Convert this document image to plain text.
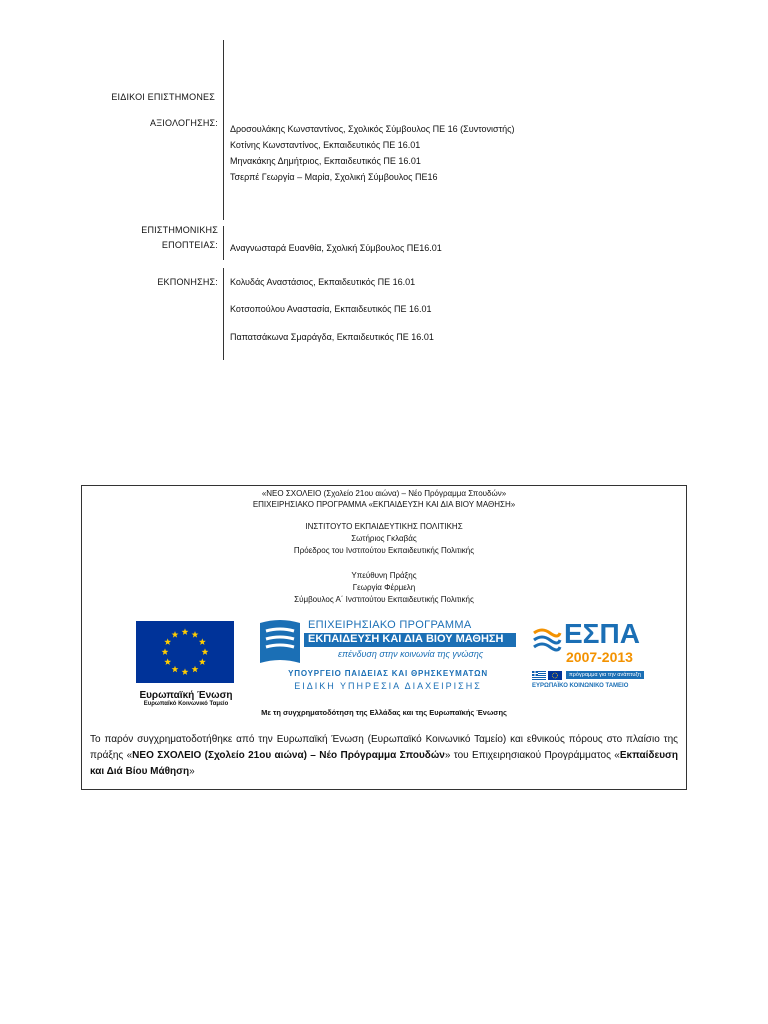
ΕΙΔΙΚΟΙ ΕΠΙΣΤΗΜΟΝΕΣ
ΑΞΙΟΛΟΓΗΣΗΣ:
Δροσουλάκης Κωνσταντίνος, Σχολικός Σύμβουλος ΠΕ 16 (Συντονιστής)
Κοτίνης Κωνσταντίνος, Εκπαιδευτικός ΠΕ 16.01
Μηνακάκης Δημήτριος, Εκπαιδευτικός ΠΕ 16.01
Τσερπέ Γεωργία – Μαρία, Σχολική Σύμβουλος ΠΕ16
ΕΠΙΣΤΗΜΟΝΙΚΗΣ
ΕΠΟΠΤΕΙΑΣ: Αναγνωσταρά Ευανθία, Σχολική Σύμβουλος ΠΕ16.01
ΕΚΠΟΝΗΣΗΣ: Κολυδάς Αναστάσιος, Εκπαιδευτικός ΠΕ 16.01
Κοτσοπούλου Αναστασία, Εκπαιδευτικός ΠΕ 16.01
Παπατσάκωνα Σμαράγδα, Εκπαιδευτικός ΠΕ 16.01
«ΝΕΟ ΣΧΟΛΕΙΟ (Σχολείο 21ου αιώνα) – Νέο Πρόγραμμα Σπουδών»
ΕΠΙΧΕΙΡΗΣΙΑΚΟ ΠΡΟΓΡΑΜΜΑ «ΕΚΠΑΙΔΕΥΣΗ ΚΑΙ ΔΙΑ ΒΙΟΥ ΜΑΘΗΣΗ»
ΙΝΣΤΙΤΟΥΤΟ ΕΚΠΑΙΔΕΥΤΙΚΗΣ ΠΟΛΙΤΙΚΗΣ
Σωτήριος Γκλαβάς
Πρόεδρος του Ινστιτούτου Εκπαιδευτικής Πολιτικής
Υπεύθυνη Πράξης
Γεωργία Φέρμελη
Σύμβουλος Α΄ Ινστιτούτου Εκπαιδευτικής Πολιτικής
Ευρωπαϊκή Ένωση
Ευρωπαϊκό Κοινωνικό Ταμείο
ΕΠΙΧΕΙΡΗΣΙΑΚΟ ΠΡΟΓΡΑΜΜΑ
ΕΚΠΑΙΔΕΥΣΗ ΚΑΙ ΔΙΑ ΒΙΟΥ ΜΑΘΗΣΗ
επένδυση στην κοινωνία της γνώσης
ΥΠΟΥΡΓΕΙΟ ΠΑΙΔΕΙΑΣ ΚΑΙ ΘΡΗΣΚΕΥΜΑΤΩΝ
ΕΙΔΙΚΗ ΥΠΗΡΕΣΙΑ ΔΙΑΧΕΙΡΙΣΗΣ
ΕΣΠΑ
2007-2013
πρόγραμμα για την ανάπτυξη
ΕΥΡΩΠΑΪΚΟ ΚΟΙΝΩΝΙΚΟ ΤΑΜΕΙΟ
Με τη συγχρηματοδότηση της Ελλάδας και της Ευρωπαϊκής Ένωσης
Το παρόν συγχρηματοδοτήθηκε από την Ευρωπαϊκή Ένωση (Ευρωπαϊκό Κοινωνικό Ταμείο) και εθνικούς πόρους στο πλαίσιο της πράξης «ΝΕΟ ΣΧΟΛΕΙΟ (Σχολείο 21ου αιώνα) – Νέο Πρόγραμμα Σπουδών» του Επιχειρησιακού Προγράμματος «Εκπαίδευση και Διά Βίου Μάθηση»
